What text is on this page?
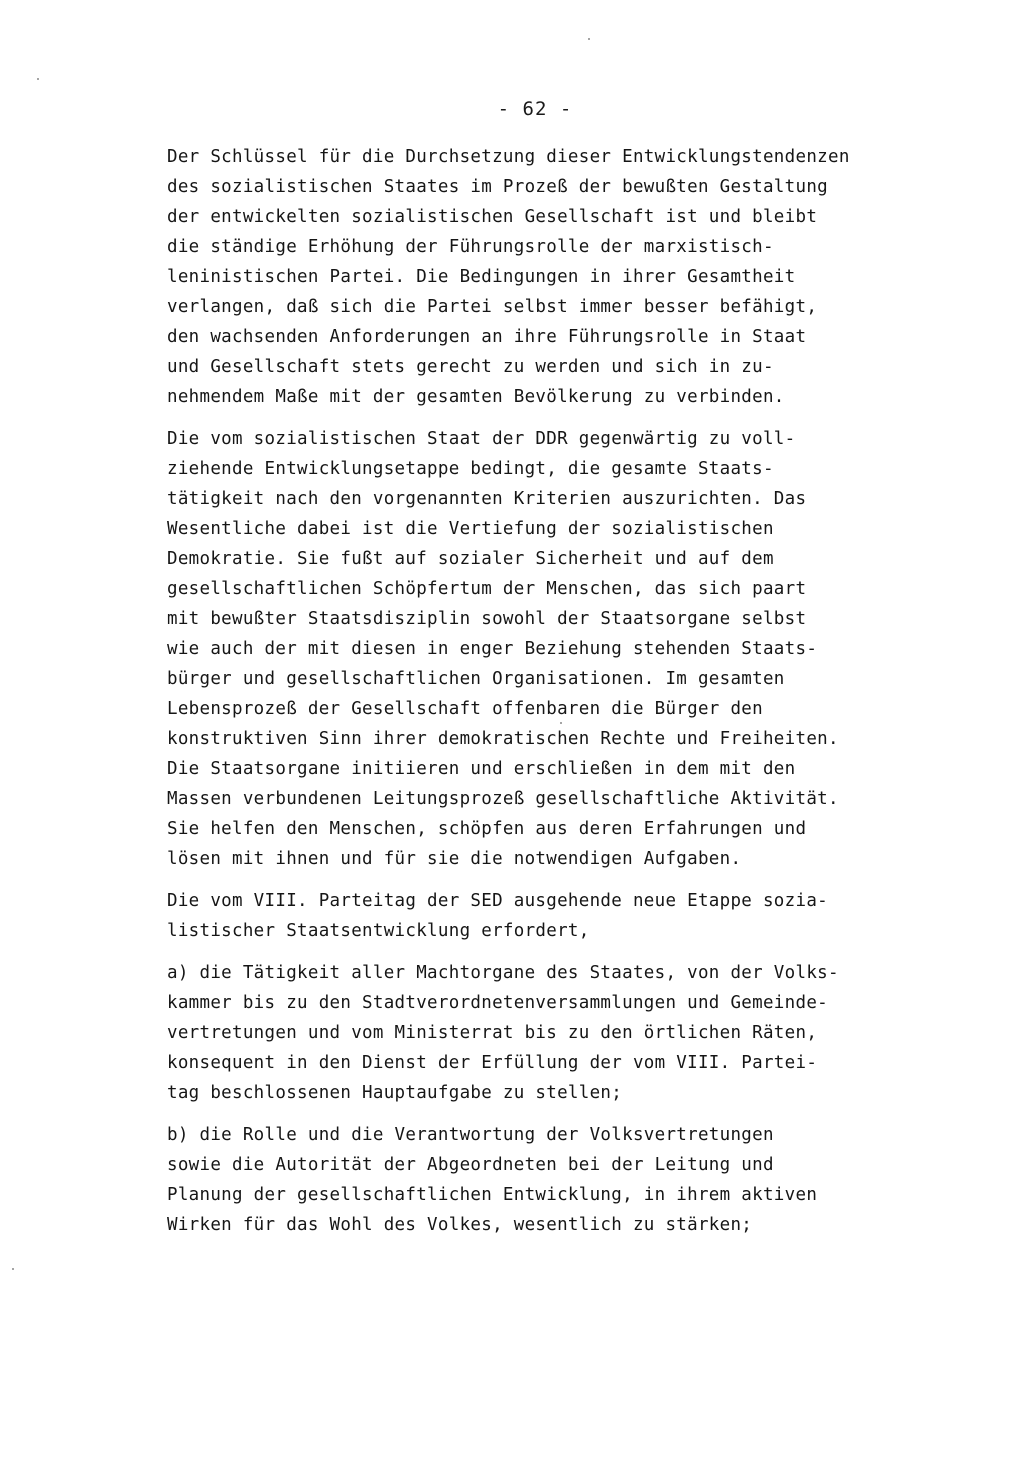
- 62 -
Der Schlüssel für die Durchsetzung dieser Entwicklungstendenzen
des sozialistischen Staates im Prozeß der bewußten Gestaltung
der entwickelten sozialistischen Gesellschaft ist und bleibt
die ständige Erhöhung der Führungsrolle der marxistisch-
leninistischen Partei. Die Bedingungen in ihrer Gesamtheit
verlangen, daß sich die Partei selbst immer besser befähigt,
den wachsenden Anforderungen an ihre Führungsrolle in Staat
und Gesellschaft stets gerecht zu werden und sich in zu-
nehmendem Maße mit der gesamten Bevölkerung zu verbinden.
Die vom sozialistischen Staat der DDR gegenwärtig zu voll-
ziehende Entwicklungsetappe bedingt, die gesamte Staats-
tätigkeit nach den vorgenannten Kriterien auszurichten. Das
Wesentliche dabei ist die Vertiefung der sozialistischen
Demokratie. Sie fußt auf sozialer Sicherheit und auf dem
gesellschaftlichen Schöpfertum der Menschen, das sich paart
mit bewußter Staatsdisziplin sowohl der Staatsorgane selbst
wie auch der mit diesen in enger Beziehung stehenden Staats-
bürger und gesellschaftlichen Organisationen. Im gesamten
Lebensprozeß der Gesellschaft offenbaren die Bürger den
konstruktiven Sinn ihrer demokratischen Rechte und Freiheiten.
Die Staatsorgane initiieren und erschließen in dem mit den
Massen verbundenen Leitungsprozeß gesellschaftliche Aktivität.
Sie helfen den Menschen, schöpfen aus deren Erfahrungen und
lösen mit ihnen und für sie die notwendigen Aufgaben.
Die vom VIII. Parteitag der SED ausgehende neue Etappe sozia-
listischer Staatsentwicklung erfordert,
a) die Tätigkeit aller Machtorgane des Staates, von der Volks-
kammer bis zu den Stadtverordnetenversammlungen und Gemeinde-
vertretungen und vom Ministerrat bis zu den örtlichen Räten,
konsequent in den Dienst der Erfüllung der vom VIII. Partei-
tag beschlossenen Hauptaufgabe zu stellen;
b) die Rolle und die Verantwortung der Volksvertretungen
sowie die Autorität der Abgeordneten bei der Leitung und
Planung der gesellschaftlichen Entwicklung, in ihrem aktiven
Wirken für das Wohl des Volkes, wesentlich zu stärken;
